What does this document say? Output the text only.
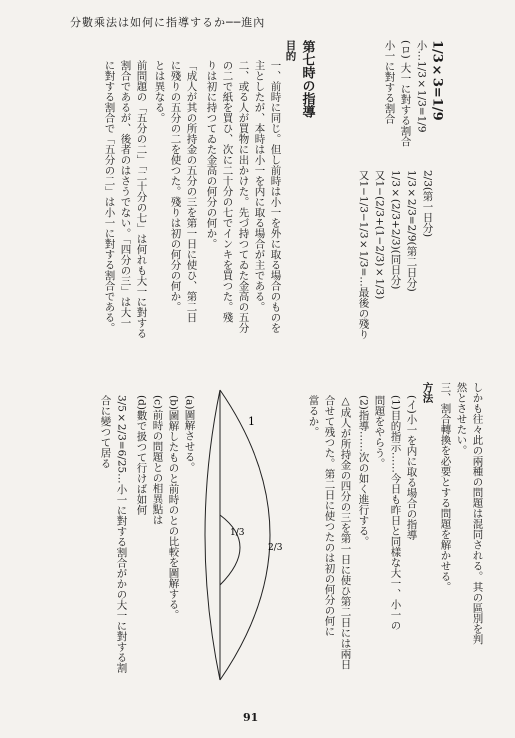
分數乘法は如何に指導するか──進內
1/3×3=1/9
小…1/3×1/3=1/9
(ロ) 大一に對する割合
小一に對する割合
2/3(第一日分)
1/3×2/3=2/9(第二日分)
1/3×(2/3+2/3)(同日分)
又1−(2/3+(1−2/3)×1/3)
又1−1/3−1/3×1/3=…最後の殘り
第七時の指導
目的
一、前時に同じ。但し前時は小一を外に取る場合のものを
主としたが、本時は小一を内に取る場合が主である。
二、或る人が買物に出かけた。先づ持つてゐた金高の五分
の二で紙を買ひ、次に二十分の七でインキを買つた。殘
りは初に持つてゐた金高の何分の何か。
「成人が其の所持金の五分の三を第一日に使ひ、第二日
に殘りの五分の二を使つた。殘りは初の何分の何か。
とは異なる。
前問題の「五分の二」「二十分の七」は何れも大一に對する
割合であるが、後者のはさうでない。「四分の三」は大一
に對する割合で「五分の二」は小一に對する割合である。
しかも往々此の兩種の問題は混同される。其の區別を判
然とさせたい。
三、割合轉換を必要とする問題を解かせる。
方法
(イ)小一を内に取る場合の指導
(1)目的指示……今日も昨日と同樣な大一、小一の
問題をやらう。
(2)指導……次の如く進行する。
△成人が所持金の四分の三を第一日に使ひ第二日には兩日
合せて残つた。第二日に使つたのは初の何分の何に
當るか。
1
1/3
2/3
(a)圖解させる。
(b)圖解したものと前時のとの比較を圖解する。
(c)前時の問題との相異點は
(d)數で扱つて行けば如何
3/5×2/3=6/25…小一に對する割合がかの大一に對する割
合に變つて居る
91
